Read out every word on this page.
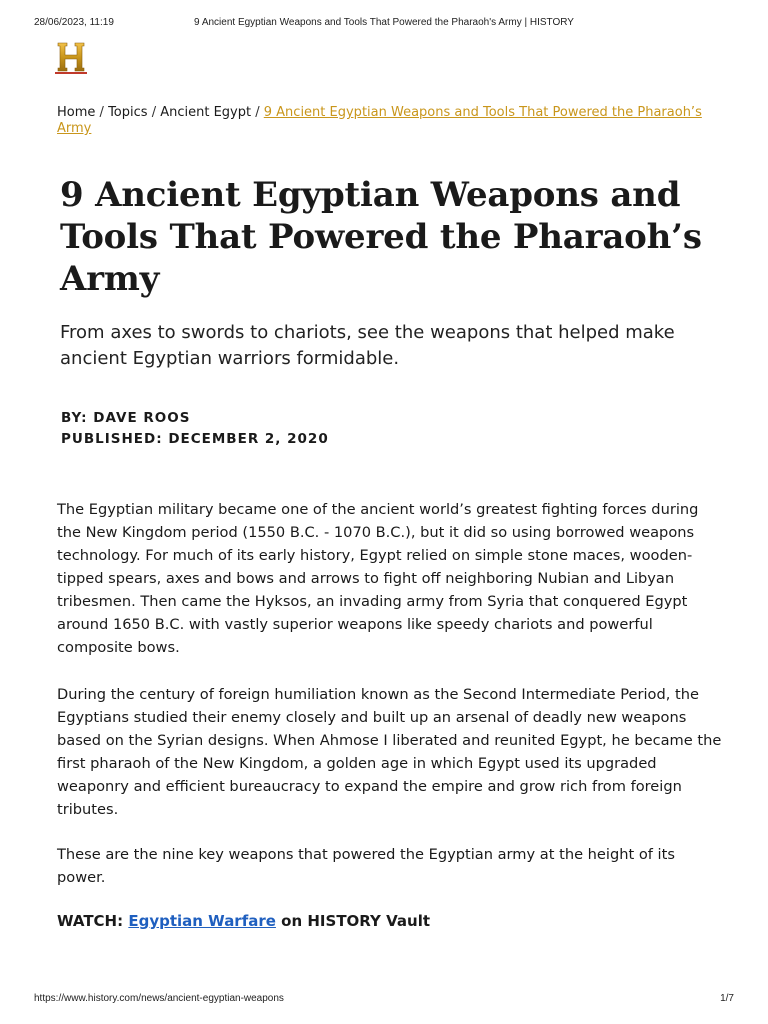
28/06/2023, 11:19	9 Ancient Egyptian Weapons and Tools That Powered the Pharaoh's Army | HISTORY
Home / Topics / Ancient Egypt / 9 Ancient Egyptian Weapons and Tools That Powered the Pharaoh’s Army
9 Ancient Egyptian Weapons and Tools That Powered the Pharaoh’s Army

From axes to swords to chariots, see the weapons that helped make ancient Egyptian warriors formidable.

BY: DAVE ROOS
PUBLISHED: DECEMBER 2, 2020

The Egyptian military became one of the ancient world’s greatest fighting forces during the New Kingdom period (1550 B.C. - 1070 B.C.), but it did so using borrowed weapons technology. For much of its early history, Egypt relied on simple stone maces, wooden-tipped spears, axes and bows and arrows to fight off neighboring Nubian and Libyan tribesmen. Then came the Hyksos, an invading army from Syria that conquered Egypt around 1650 B.C. with vastly superior weapons like speedy chariots and powerful composite bows.

During the century of foreign humiliation known as the Second Intermediate Period, the Egyptians studied their enemy closely and built up an arsenal of deadly new weapons based on the Syrian designs. When Ahmose I liberated and reunited Egypt, he became the first pharaoh of the New Kingdom, a golden age in which Egypt used its upgraded weaponry and efficient bureaucracy to expand the empire and grow rich from foreign tributes.

These are the nine key weapons that powered the Egyptian army at the height of its power.

WATCH: Egyptian Warfare on HISTORY Vault
https://www.history.com/news/ancient-egyptian-weapons	1/7
